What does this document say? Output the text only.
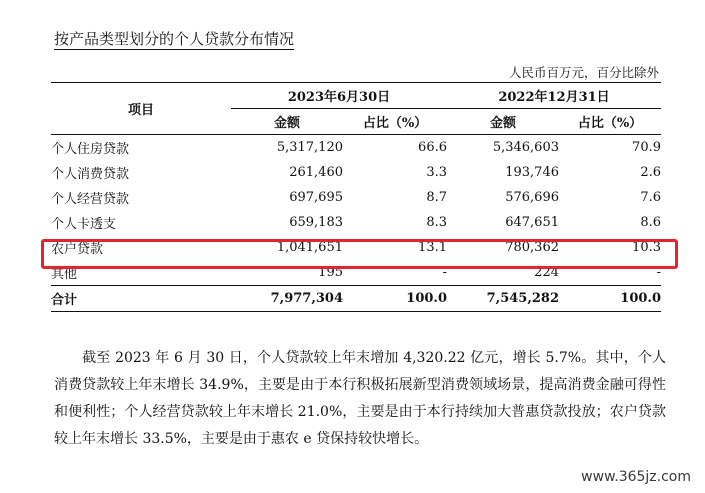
按产品类型划分的个人贷款分布情况
人民币百万元，百分比除外
项目	2023年6月30日		2022年12月31日	
	金额	占比（%）	金额	占比（%）
个人住房贷款	5,317,120	66.6	5,346,603	70.9
个人消费贷款	261,460	3.3	193,746	2.6
个人经营贷款	697,695	8.7	576,696	7.6
个人卡透支	659,183	8.3	647,651	8.6
农户贷款	1,041,651	13.1	780,362	10.3
其他	195	-	224	-
合计	7,977,304	100.0	7,545,282	100.0
截至 2023 年 6 月 30 日，个人贷款较上年末增加 4,320.22 亿元，增长 5.7%。其中，个人消费贷款较上年末增长 34.9%，主要是由于本行积极拓展新型消费领域场景，提高消费金融可得性和便利性；个人经营贷款较上年末增长 21.0%，主要是由于本行持续加大普惠贷款投放；农户贷款较上年末增长 33.5%，主要是由于惠农 e 贷保持较快增长。
www.365jz.com
